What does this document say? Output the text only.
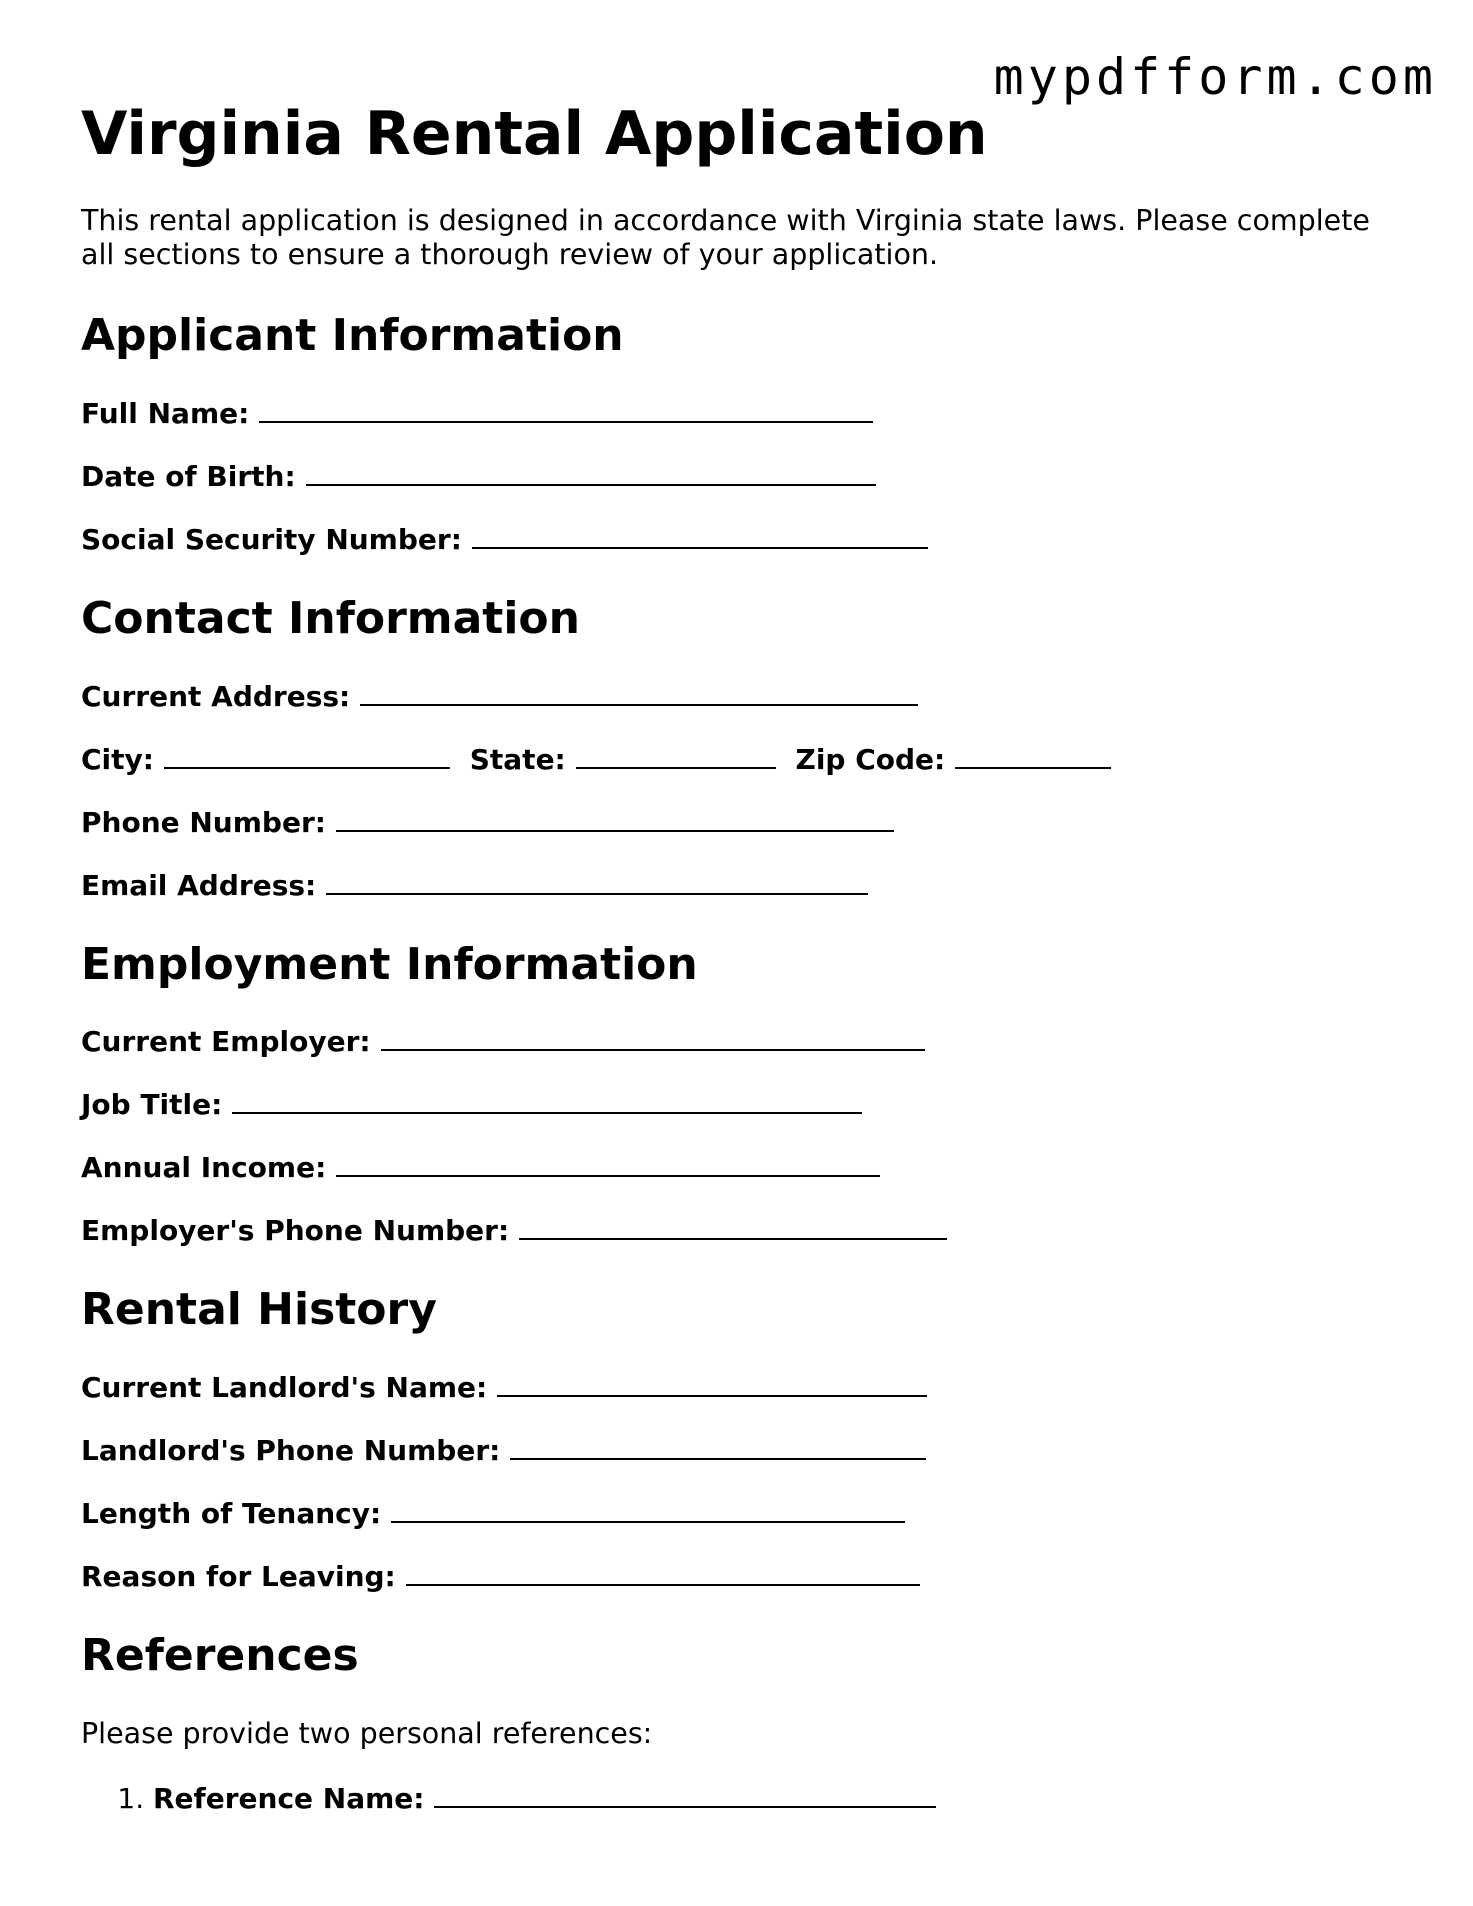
mypdfform.com
Virginia Rental Application

This rental application is designed in accordance with Virginia state laws. Please complete all sections to ensure a thorough review of your application.

Applicant Information
Full Name:
Date of Birth:
Social Security Number:
Contact Information
Current Address:
City:	State:	Zip Code:
Phone Number:
Email Address:
Employment Information
Current Employer:
Job Title:
Annual Income:
Employer's Phone Number:
Rental History
Current Landlord's Name:
Landlord's Phone Number:
Length of Tenancy:
Reason for Leaving:
References
Please provide two personal references:
1. Reference Name:
